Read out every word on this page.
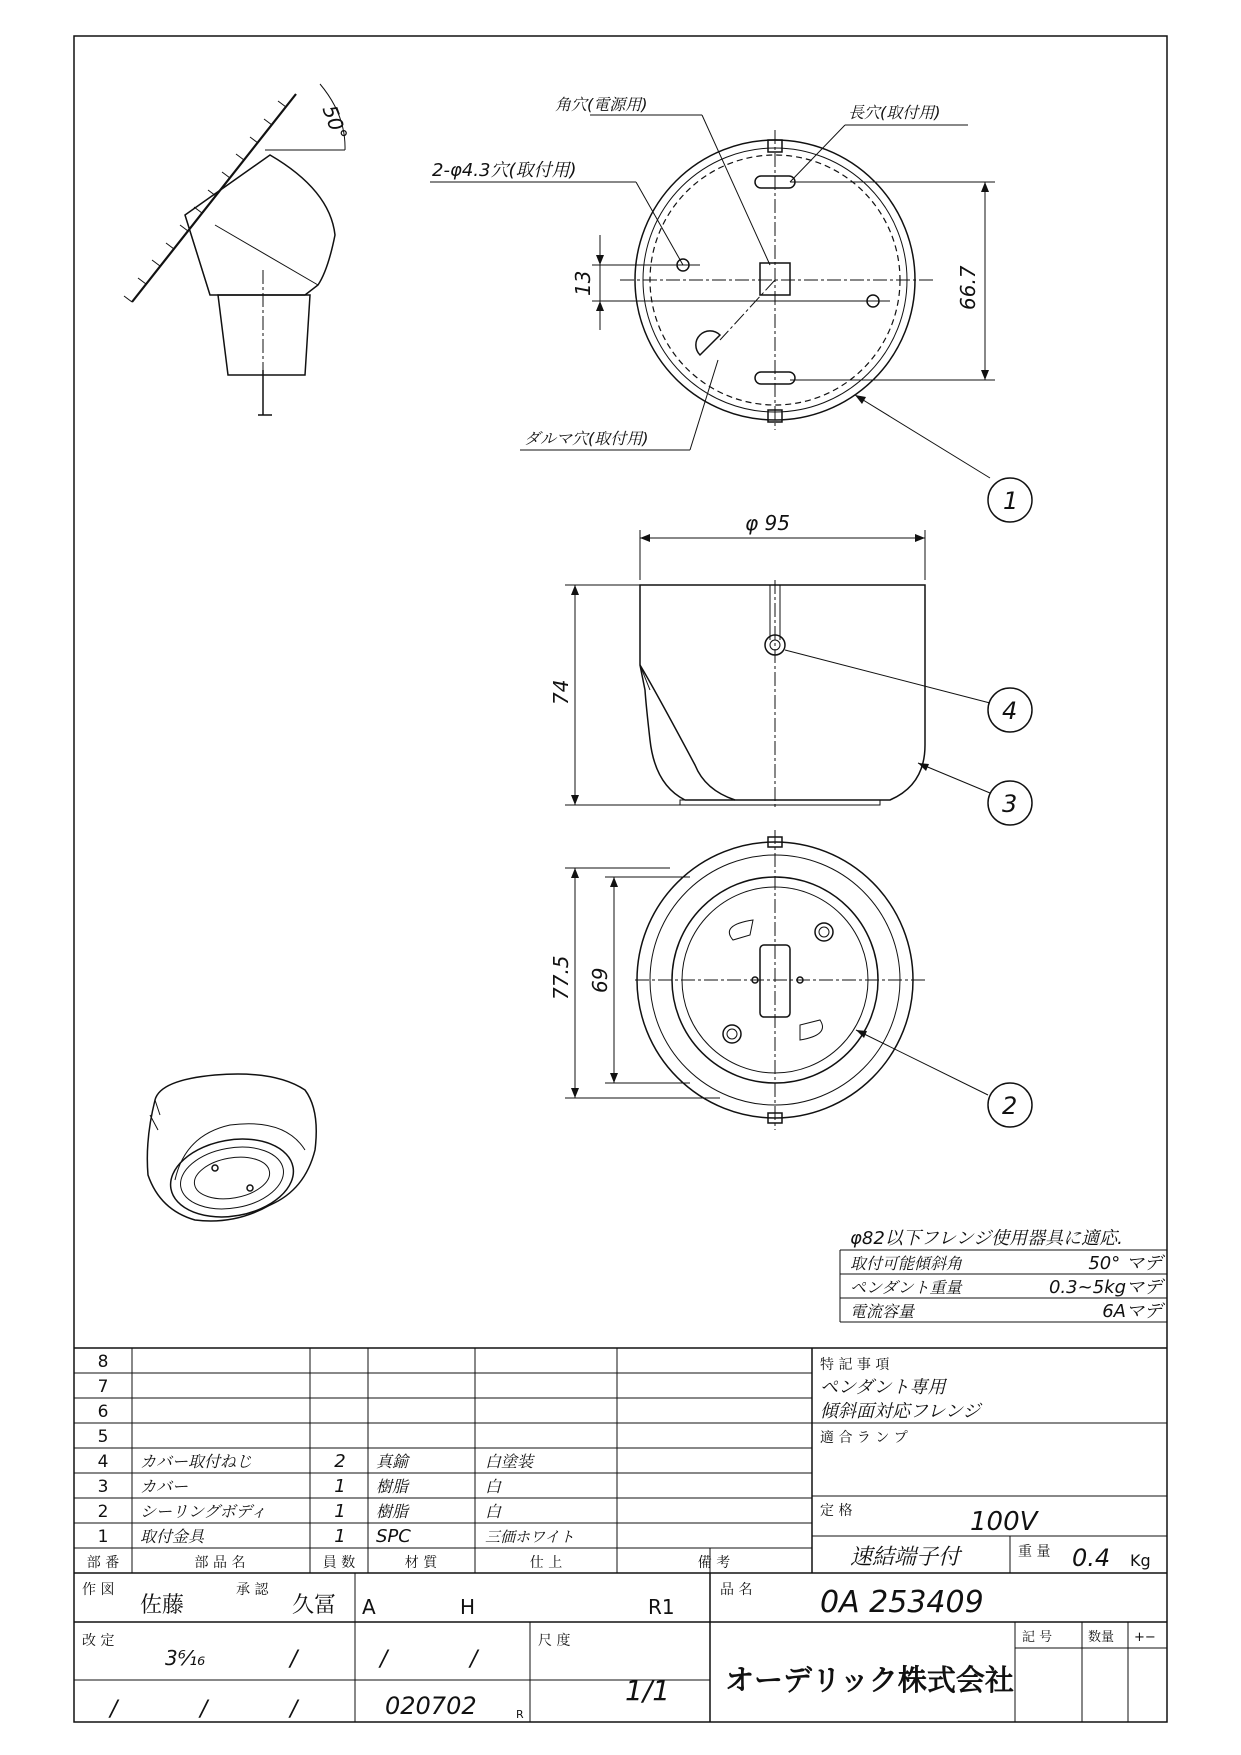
50°	角穴(電源用)	長穴(取付用)
2-φ4.3穴(取付用)
ダルマ穴(取付用)
13	66.7
1
φ 95
74
4
3
77.5 69
2
φ82以下フレンジ使用器具に適応.
取付可能傾斜角	50° マデ
ペンダント重量	0.3~5kgマデ
電流容量	6Aマデ
8
7
6
5
4 カバー取付ねじ	2 真鍮	白塗装
3 カバー	1 樹脂	白
2 シーリングボディ	1 樹脂	白
1 取付金具	1 SPC	三価ホワイト
部 番	部 品 名	員 数	材 質	仕 上	備 考
特 記 事 項
ペンダント専用
傾斜面対応フレンジ
適 合 ラ ン プ
定 格	100V
速結端子付	重 量 0.4 Kg
作 図
佐藤
承 認
久冨 A	H	R1
品 名 0A 253409
改 定
3⁶⁄₁₆	/	/	/
/	/	/	020702	R
尺 度
1/1 オーデリック株式会社
記 号	数量 +−
